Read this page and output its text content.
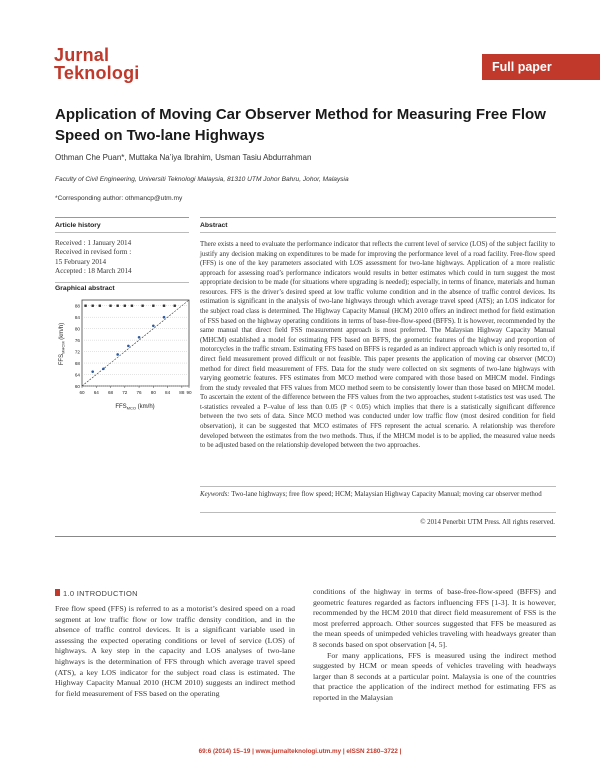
Jurnal
Teknologi	Full paper
Application of Moving Car Observer Method for Measuring Free Flow Speed on Two-lane Highways
Othman Che Puan*, Muttaka Na’iya Ibrahim, Usman Tasiu Abdurrahman
Faculty of Civil Engineering, Universiti Teknologi Malaysia, 81310 UTM Johor Bahru, Johor, Malaysia
*Corresponding author: othmancp@utm.my
Article history
Received : 1 January 2014
Received in revised form :
15 February 2014
Accepted : 18 March 2014
Graphical abstract
60
64
68
72
76
80
84
88
60 64 68 72 76 80 84 88 90
$FFS_{MHCM}$ (km/h)
$FFS_{MCO}$ (km/h)
Abstract
There exists a need to evaluate the performance indicator that reflects the current level of service (LOS) of the subject facility to justify any decision making on expenditures to be made for improving the performance level of a road facility. Free-flow speed (FFS) is one of the key parameters associated with LOS assessment for two-lane highways. Application of a more realistic approach for assessing road’s performance indicators would results in better estimates which could in turn suggest the most appropriate decision to be made (for situations where upgrading is needed); especially, in terms of finance, materials and human resources. FFS is the driver’s desired speed at low traffic volume condition and in the absence of traffic control devices. Its estimation is significant in the analysis of two-lane highways through which average travel speed (ATS); an LOS indicator for the subject road class is determined. The Highway Capacity Manual (HCM) 2010 offers an indirect method for field estimation of FSS based on the highway operating conditions in terms of base-free-flow-speed (BFFS). It is however, recommended by the same manual that direct field FSS measurement approach is most preferred. The Malaysian Highway Capacity Manual (MHCM) established a model for estimating FFS based on BFFS, the geometric features of the highway and proportion of motorcycles in the traffic stream. Estimating FFS based on BFFS is regarded as an indirect approach which is only resorted to, if direct field measurement proved difficult or not feasible. This paper presents the application of moving car observer (MCO) method for direct field measurement of FFS. Data for the study were collected on six segments of two-lane highways with varying geometric features. FFS estimates from MCO method were compared with those based on MHCM model. Findings from the study revealed that FFS values from MCO method seem to be consistently lower than those based on MHCM model. To ascertain the extent of the difference between the FFS values from the two approaches, student t-statistics test was used. The t-statistics revealed a P–value of less than 0.05 (P < 0.05) which implies that there is a statistically significant difference between the two sets of data. Since MCO method was conducted under low traffic flow (most desired condition for field observation), it can be suggested that MCO estimates of FFS represent the actual scenario. A relationship was therefore developed between the estimates from the two methods. Thus, if the MHCM model is to be applied, the measured value needs to be adjusted based on the relationship developed between the two approaches.
Keywords: Two-lane highways; free flow speed; HCM; Malaysian Highway Capacity Manual; moving car observer method
© 2014 Penerbit UTM Press. All rights reserved.
1.0 INTRODUCTION
Free flow speed (FFS) is referred to as a motorist’s desired speed on a road segment at low traffic flow or low traffic density condition, and in the absence of traffic control devices. It is a significant variable used in assessing the expected operating conditions or level of service (LOS) of highways. A key step in the capacity and LOS analyses of two-lane highways is the determination of FFS through which average travel speed (ATS), a key LOS indicator for the subject road class is estimated. The Highway Capacity Manual 2010 (HCM 2010) suggests an indirect method for field measurement of FSS based on the operating

conditions of the highway in terms of base-free-flow-speed (BFFS) and geometric features regarded as factors influencing FFS [1-3]. It is however, recommended by the HCM 2010 that direct field measurement of FSS is the most preferred approach. Other sources suggested that FFS be measured as the mean speeds of unimpeded vehicles traveling with headways greater than 8 seconds based on spot observation [4, 5].

For many applications, FFS is measured using the indirect method suggested by HCM or mean speeds of vehicles traveling with headways larger than 8 seconds at a particular point. Malaysia is one of the countries that practice the application of the indirect method for estimating FFS as reported in the Malaysian

69:6 (2014) 15–19 | www.jurnalteknologi.utm.my | eISSN 2180–3722 |
